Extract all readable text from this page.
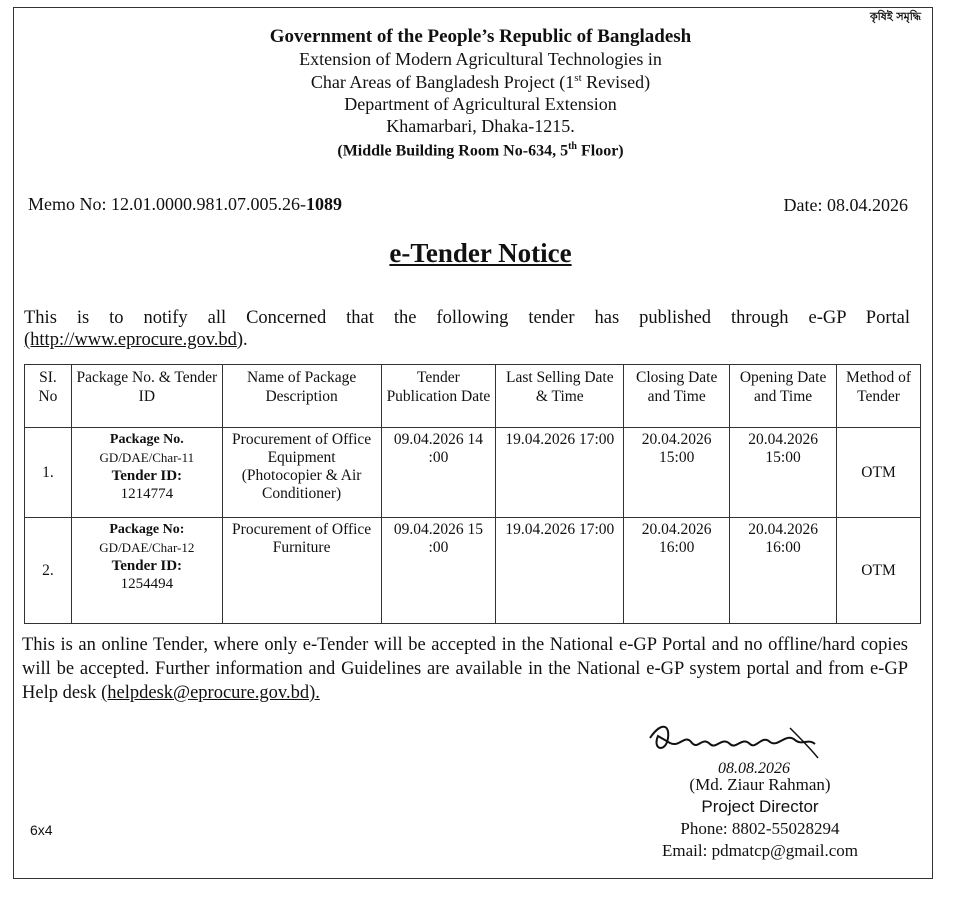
কৃষিই সমৃদ্ধি
Government of the People’s Republic of Bangladesh
Extension of Modern Agricultural Technologies in
Char Areas of Bangladesh Project (1st Revised)
Department of Agricultural Extension
Khamarbari, Dhaka-1215.
(Middle Building Room No-634, 5th Floor)
Memo No: 12.01.0000.981.07.005.26-1089	Date: 08.04.2026
e-Tender Notice
This is to notify all Concerned that the following tender has published through e-GP Portal
(http://www.eprocure.gov.bd).
SI. No	Package No. & Tender ID	Name of Package Description	Tender Publication Date	Last Selling Date & Time	Closing Date and Time	Opening Date and Time	Method of Tender
1.	Package No.
GD/DAE/Char-11
Tender ID:
1214774	Procurement of Office Equipment (Photocopier & Air Conditioner)	09.04.2026 14 :00	19.04.2026 17:00	20.04.2026 15:00	20.04.2026 15:00	OTM
2.	Package No:
GD/DAE/Char-12
Tender ID:
1254494	Procurement of Office Furniture	09.04.2026 15 :00	19.04.2026 17:00	20.04.2026 16:00	20.04.2026 16:00	OTM
This is an online Tender, where only e-Tender will be accepted in the National e-GP Portal and no offline/hard copies will be accepted. Further information and Guidelines are available in the National e-GP system portal and from e-GP Help desk (helpdesk@eprocure.gov.bd).
08.08.2026
(Md. Ziaur Rahman)
Project Director
Phone: 8802-55028294
Email: pdmatcp@gmail.com
6x4
